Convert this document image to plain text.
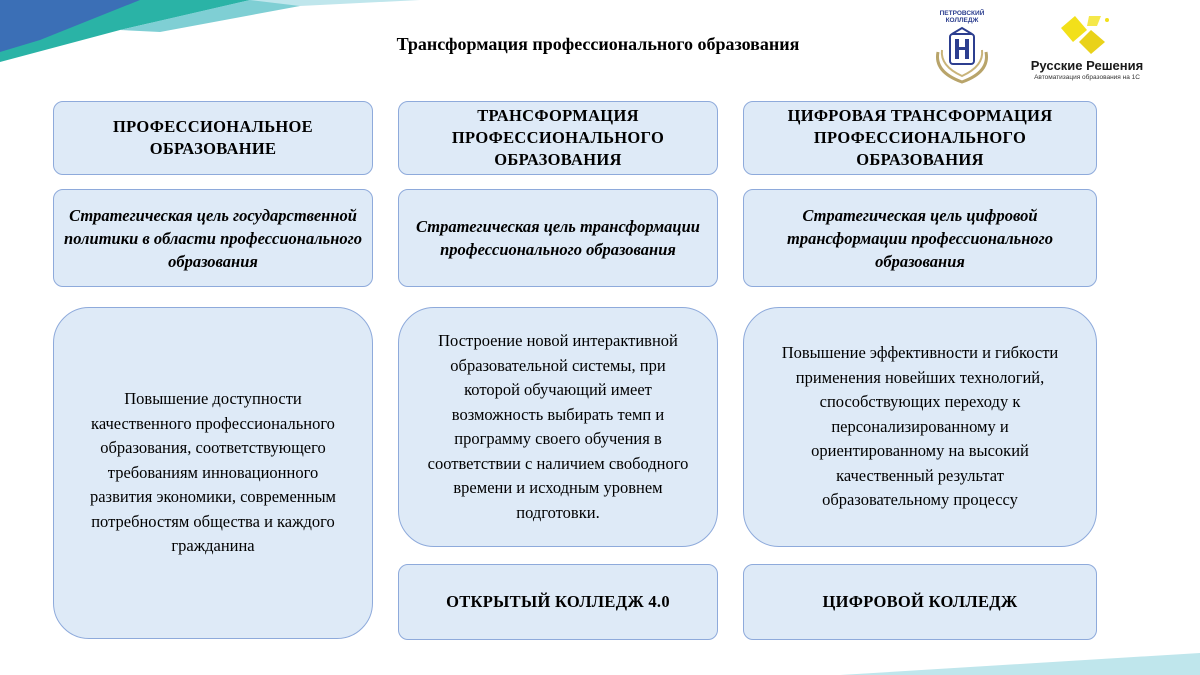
Трансформация профессионального образования
ПЕТРОВСКИЙ КОЛЛЕДЖ
Русские Решения
Автоматизация образования на 1С
ПРОФЕССИОНАЛЬНОЕ ОБРАЗОВАНИЕ
Стратегическая цель государственной политики в области профессионального образования
Повышение доступности качественного профессионального образования, соответствующего требованиям инновационного развития экономики, современным потребностям общества и каждого гражданина
ТРАНСФОРМАЦИЯ ПРОФЕССИОНАЛЬНОГО ОБРАЗОВАНИЯ
Стратегическая цель трансформации профессионального образования
Построение новой интерактивной образовательной системы, при которой обучающий имеет возможность выбирать темп и программу своего обучения в соответствии с наличием свободного времени и исходным уровнем подготовки.
ОТКРЫТЫЙ КОЛЛЕДЖ 4.0
ЦИФРОВАЯ ТРАНСФОРМАЦИЯ ПРОФЕССИОНАЛЬНОГО ОБРАЗОВАНИЯ
Стратегическая цель цифровой трансформации профессионального образования
Повышение эффективности и гибкости применения новейших технологий, способствующих переходу к персонализированному и ориентированному на высокий качественный результат образовательному процессу
ЦИФРОВОЙ КОЛЛЕДЖ
